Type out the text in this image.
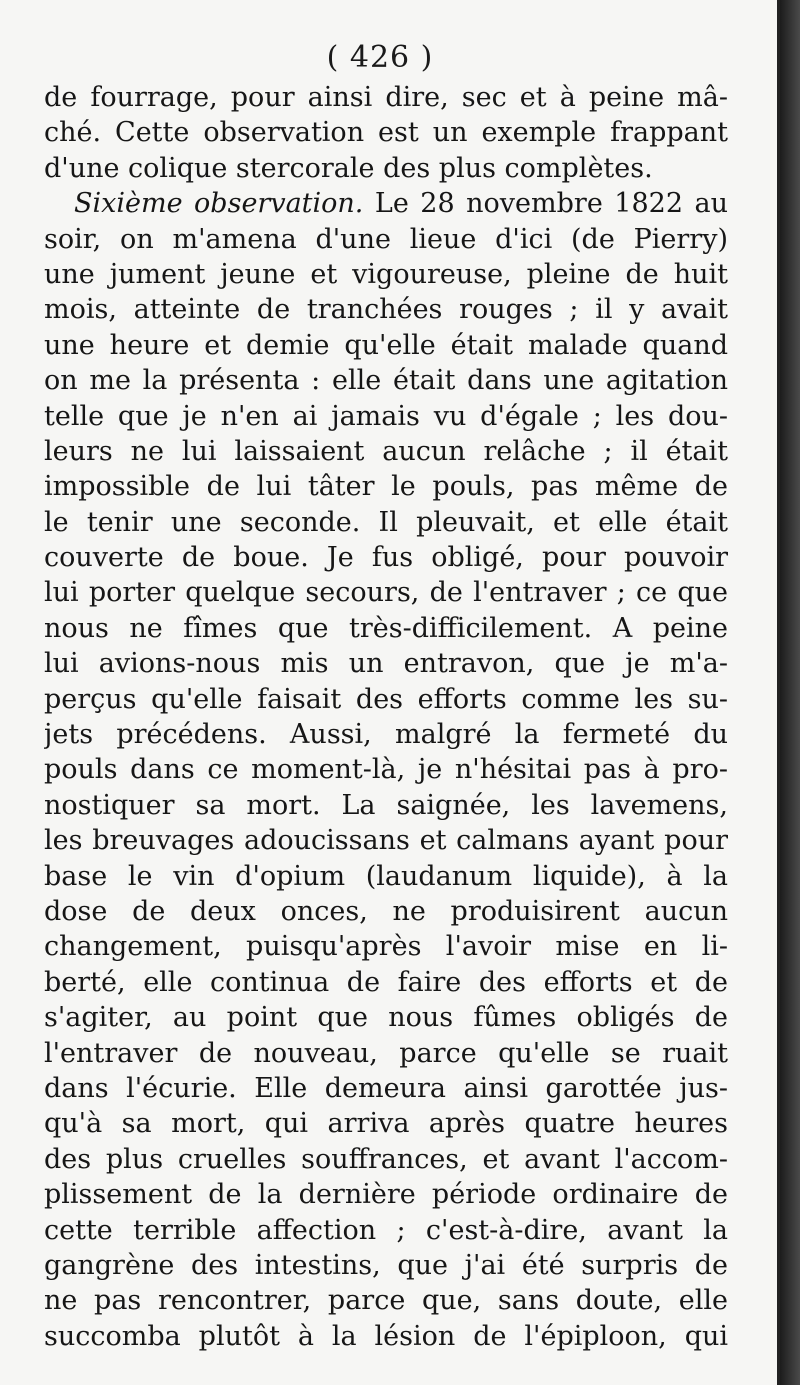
( 426 )
de fourrage, pour ainsi dire, sec et à peine mâ-
ché. Cette observation est un exemple frappant
d'une colique stercorale des plus complètes.
Sixième observation. Le 28 novembre 1822 au
soir, on m'amena d'une lieue d'ici (de Pierry)
une jument jeune et vigoureuse, pleine de huit
mois, atteinte de tranchées rouges ; il y avait
une heure et demie qu'elle était malade quand
on me la présenta : elle était dans une agitation
telle que je n'en ai jamais vu d'égale ; les dou-
leurs ne lui laissaient aucun relâche ; il était
impossible de lui tâter le pouls, pas même de
le tenir une seconde. Il pleuvait, et elle était
couverte de boue. Je fus obligé, pour pouvoir
lui porter quelque secours, de l'entraver ; ce que
nous ne fîmes que très-difficilement. A peine
lui avions-nous mis un entravon, que je m'a-
perçus qu'elle faisait des efforts comme les su-
jets précédens. Aussi, malgré la fermeté du
pouls dans ce moment-là, je n'hésitai pas à pro-
nostiquer sa mort. La saignée, les lavemens,
les breuvages adoucissans et calmans ayant pour
base le vin d'opium (laudanum liquide), à la
dose de deux onces, ne produisirent aucun
changement, puisqu'après l'avoir mise en li-
berté, elle continua de faire des efforts et de
s'agiter, au point que nous fûmes obligés de
l'entraver de nouveau, parce qu'elle se ruait
dans l'écurie. Elle demeura ainsi garottée jus-
qu'à sa mort, qui arriva après quatre heures
des plus cruelles souffrances, et avant l'accom-
plissement de la dernière période ordinaire de
cette terrible affection ; c'est-à-dire, avant la
gangrène des intestins, que j'ai été surpris de
ne pas rencontrer, parce que, sans doute, elle
succomba plutôt à la lésion de l'épiploon, qui
